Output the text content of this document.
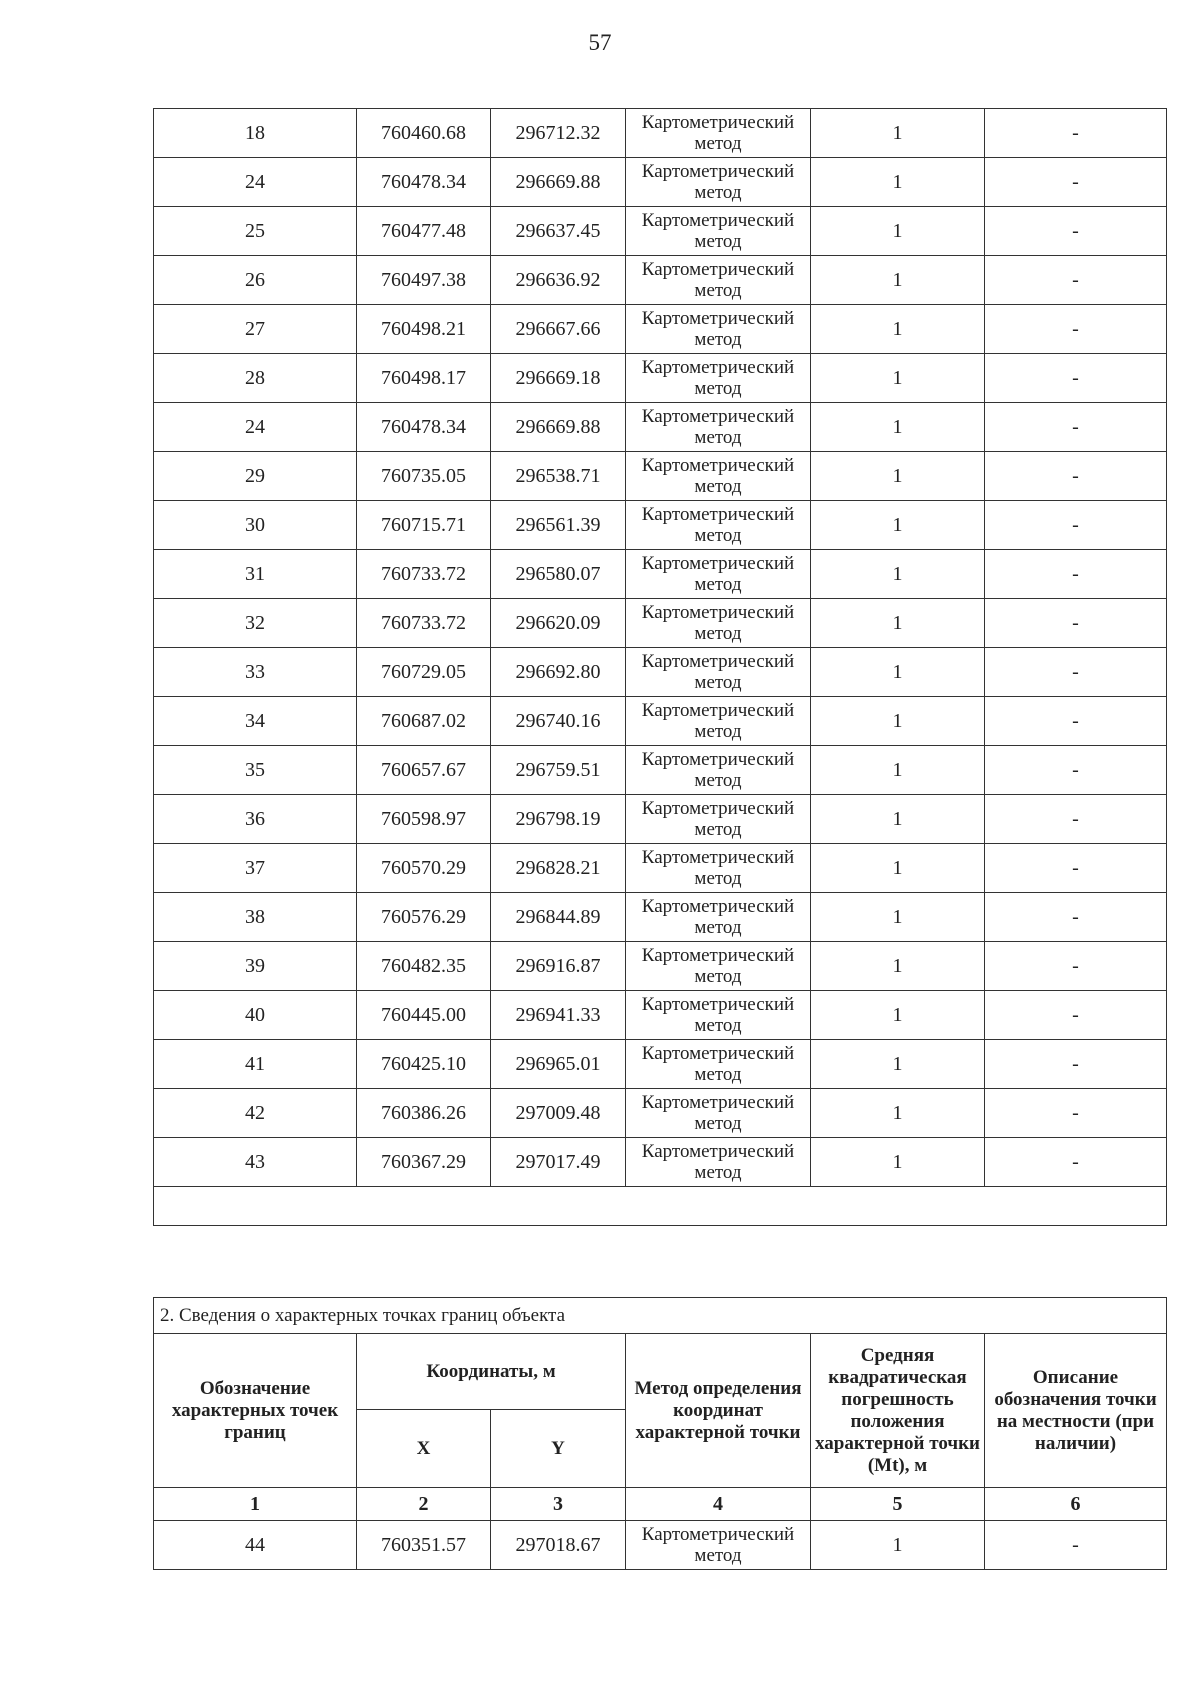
57
18	760460.68	296712.32	Картометрический метод	1	-
24	760478.34	296669.88	Картометрический метод	1	-
25	760477.48	296637.45	Картометрический метод	1	-
26	760497.38	296636.92	Картометрический метод	1	-
27	760498.21	296667.66	Картометрический метод	1	-
28	760498.17	296669.18	Картометрический метод	1	-
24	760478.34	296669.88	Картометрический метод	1	-
29	760735.05	296538.71	Картометрический метод	1	-
30	760715.71	296561.39	Картометрический метод	1	-
31	760733.72	296580.07	Картометрический метод	1	-
32	760733.72	296620.09	Картометрический метод	1	-
33	760729.05	296692.80	Картометрический метод	1	-
34	760687.02	296740.16	Картометрический метод	1	-
35	760657.67	296759.51	Картометрический метод	1	-
36	760598.97	296798.19	Картометрический метод	1	-
37	760570.29	296828.21	Картометрический метод	1	-
38	760576.29	296844.89	Картометрический метод	1	-
39	760482.35	296916.87	Картометрический метод	1	-
40	760445.00	296941.33	Картометрический метод	1	-
41	760425.10	296965.01	Картометрический метод	1	-
42	760386.26	297009.48	Картометрический метод	1	-
43	760367.29	297017.49	Картометрический метод	1	-

2. Сведения о характерных точках границ объекта					
Обозначение характерных точек границ	Координаты, м		Метод определения координат характерной точки	Средняя квадратическая погрешность положения характерной точки (Mt), м	Описание обозначения точки на местности (при наличии)
	X	Y			
1	2	3	4	5	6
44	760351.57	297018.67	Картометрический метод	1	-
